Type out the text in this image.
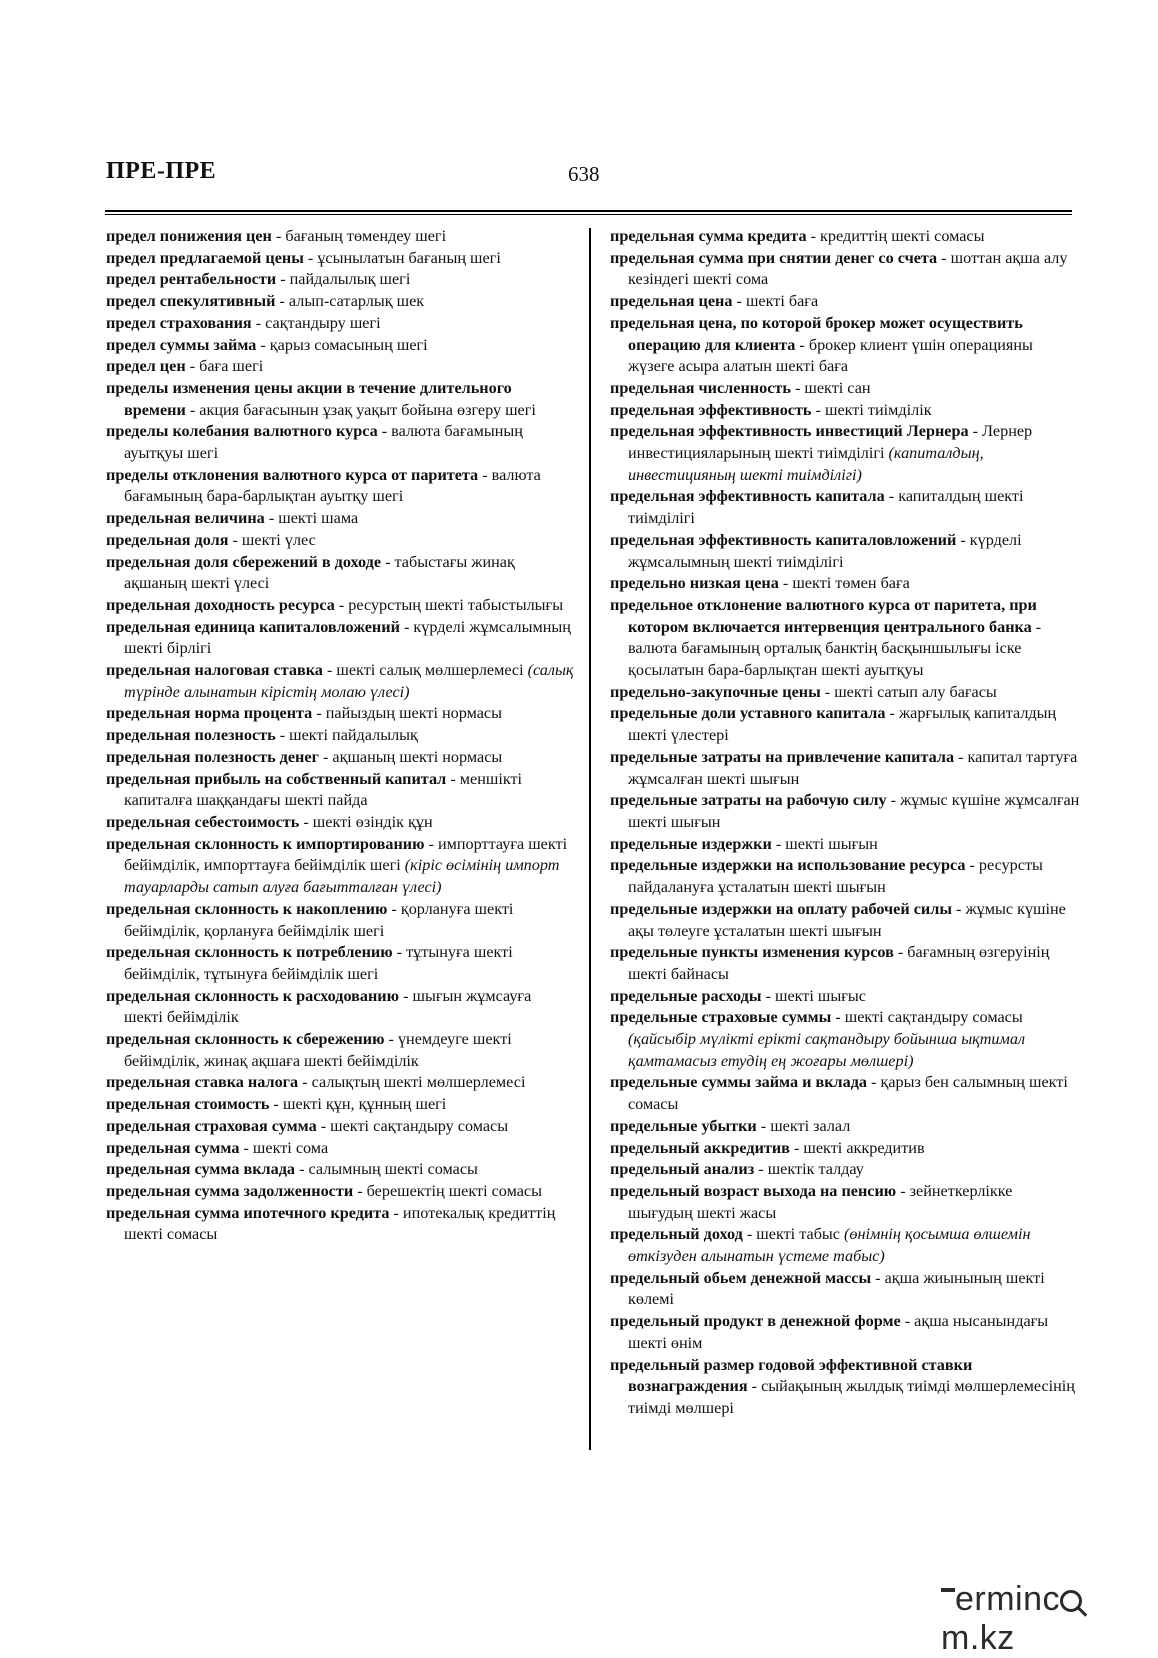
ПРЕ-ПРЕ	638

предел понижения цен - бағаның төмендеу шегі

предел предлагаемой цены - ұсынылатын бағаның шегі

предел рентабельности - пайдалылық шегі

предел спекулятивный - алып-сатарлық шек

предел страхования - сақтандыру шегі

предел суммы займа - қарыз сомасының шегі

предел цен - баға шегі

пределы изменения цены акции в течение длительного времени - акция бағасынын ұзақ уақыт бойына өзгеру шегі

пределы колебания валютного курса - валюта бағамының ауытқуы шегі

пределы отклонения валютного курса от паритета - валюта бағамының бара-барлықтан ауытқу шегі

предельная величина - шекті шама

предельная доля - шекті үлес

предельная доля сбережений в доходе - табыстағы жинақ ақшаның шекті үлесі

предельная доходность ресурса - ресурстың шекті табыстылығы

предельная единица капиталовложений - күрделі жұмсалымның шекті бірлігі

предельная налоговая ставка - шекті салық мөлшерлемесі (салық түрінде алынатын кірістің молаю үлесі)

предельная норма процента - пайыздың шекті нормасы

предельная полезность - шекті пайдалылық

предельная полезность денег - ақшаның шекті нормасы

предельная прибыль на собственный капитал - меншікті капиталға шаққандағы шекті пайда

предельная себестоимость - шекті өзіндік құн

предельная склонность к импортированию - импорттауға шекті бейімділік, импорттауға бейімділік шегі (кіріс өсімінің импорт тауарларды сатып алуға бағытталған үлесі)

предельная склонность к накоплению - қорлануға шекті бейімділік, қорлануға бейімділік шегі

предельная склонность к потреблению - тұтынуға шекті бейімділік, тұтынуға бейімділік шегі

предельная склонность к расходованию - шығын жұмсауға шекті бейімділік

предельная склонность к сбережению - үнемдеуге шекті бейімділік, жинақ ақшаға шекті бейімділік

предельная ставка налога - салықтың шекті мөлшерлемесі

предельная стоимость - шекті құн, құнның шегі

предельная страховая сумма - шекті сақтандыру сомасы

предельная сумма - шекті сома

предельная сумма вклада - салымның шекті сомасы

предельная сумма задолженности - берешектің шекті сомасы

предельная сумма ипотечного кредита - ипотекалық кредиттің шекті сомасы

предельная сумма кредита - кредиттің шекті сомасы

предельная сумма при снятии денег со счета - шоттан ақша алу кезіндегі шекті сома

предельная цена - шекті баға

предельная цена, по которой брокер может осуществить операцию для клиента - брокер клиент үшін операцияны жүзеге асыра алатын шекті баға

предельная численность - шекті сан

предельная эффективность - шекті тиімділік

предельная эффективность инвестиций Лернера - Лернер инвестицияларының шекті тиімділігі (капиталдың, инвестицияның шекті тиімділігі)

предельная эффективность капитала - капиталдың шекті тиімділігі

предельная эффективность капиталовложений - күрделі жұмсалымның шекті тиімділігі

предельно низкая цена - шекті төмен баға

предельное отклонение валютного курса от паритета, при котором включается интервенция центрального банка - валюта бағамының орталық банктің басқыншылығы іске қосылатын бара-барлықтан шекті ауытқуы

предельно-закупочные цены - шекті сатып алу бағасы

предельные доли уставного капитала - жарғылық капиталдың шекті үлестері

предельные затраты на привлечение капитала - капитал тартуға жұмсалған шекті шығын

предельные затраты на рабочую силу - жұмыс күшіне жұмсалған шекті шығын

предельные издержки - шекті шығын

предельные издержки на использование ресурса - ресурсты пайдалануға ұсталатын шекті шығын

предельные издержки на оплату рабочей силы - жұмыс күшіне ақы төлеуге ұсталатын шекті шығын

предельные пункты изменения курсов - бағамның өзгеруінің шекті байнасы

предельные расходы - шекті шығыс

предельные страховые суммы - шекті сақтандыру сомасы (қайсыбір мүлікті ерікті сақтандыру бойынша ықтимал қамтамасыз етудің ең жоғары мөлшері)

предельные суммы займа и вклада - қарыз бен салымның шекті сомасы

предельные убытки - шекті залал

предельный аккредитив - шекті аккредитив

предельный анализ - шектік талдау

предельный возраст выхода на пенсию - зейнеткерлікке шығудың шекті жасы

предельный доход - шекті табыс (өнімнің қосымша өлшемін өткізуден алынатын үстеме табыс)

предельный обьем денежной массы - ақша жиынының шекті көлемі

предельный продукт в денежной форме - ақша нысанындағы шекті өнім

предельный размер годовой эффективной ставки вознаграждения - сыйақының жылдық тиімді мөлшерлемесінің тиімді мөлшері

ermincm.kz
